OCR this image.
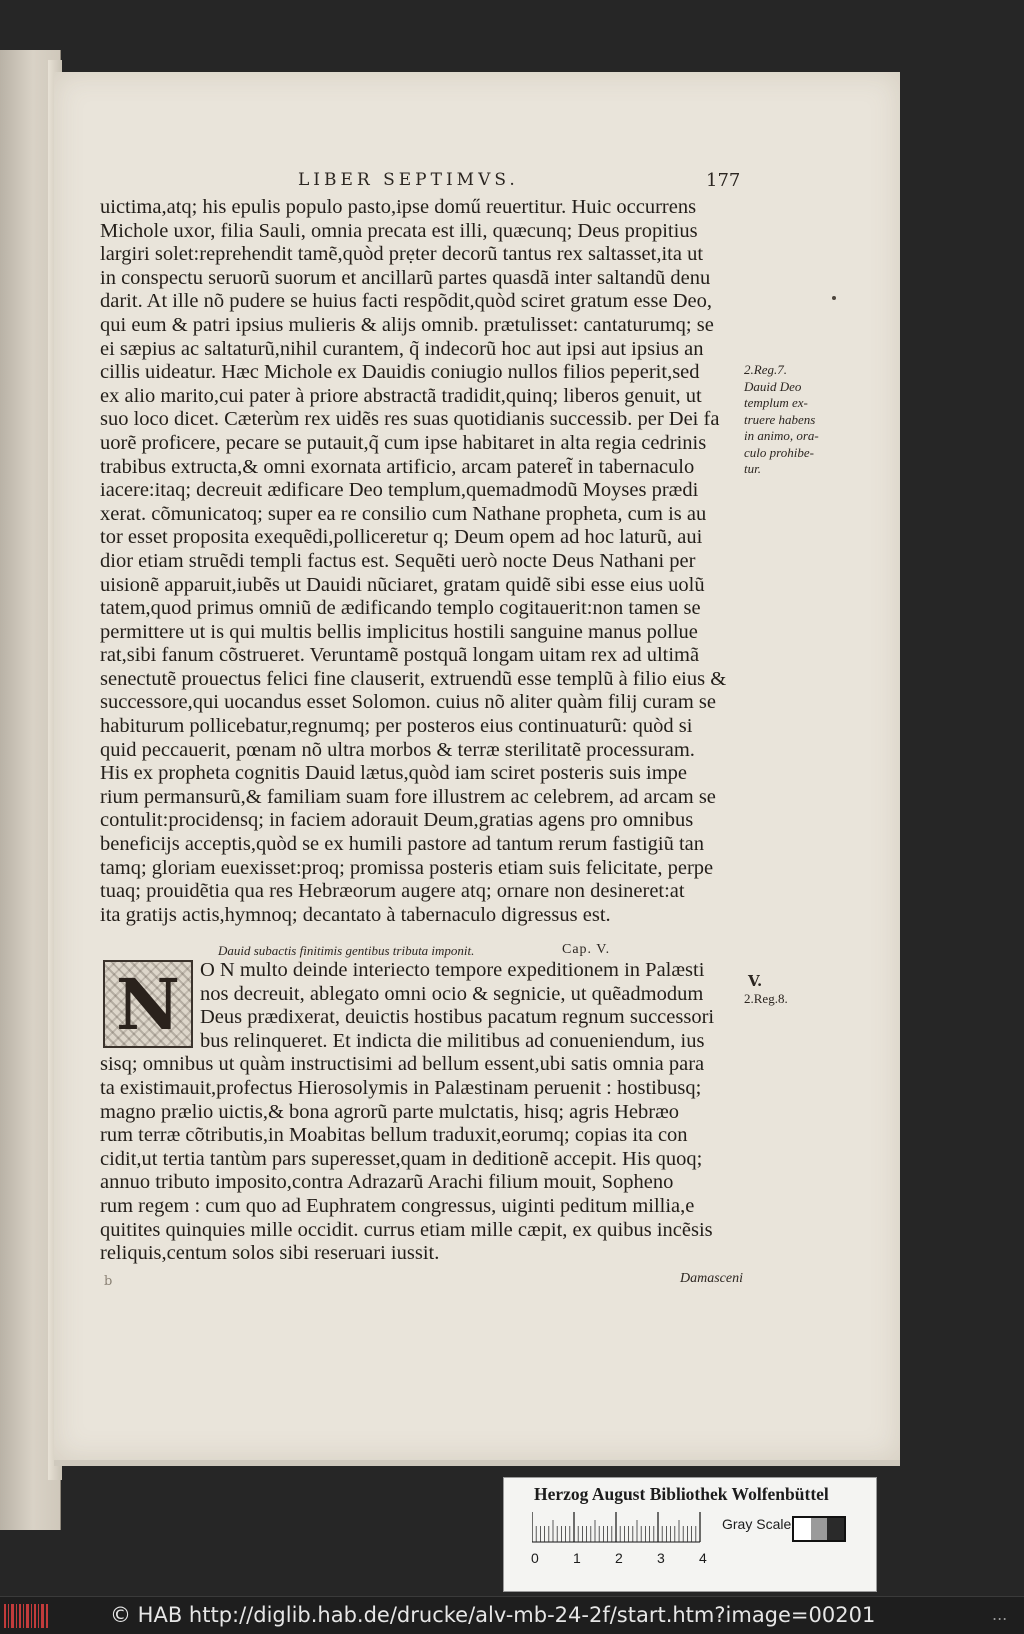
LIBER SEPTIMVS.	177
uictima,atq; his epulis populo pasto,ipse domű reuertitur. Huic occurrens
Michole uxor, filia Sauli, omnia precata est illi, quæcunq; Deus propitius
largiri solet:reprehendit tamẽ,quòd prẹter decorũ tantus rex saltasset,ita ut
in conspectu seruorũ suorum et ancillarũ partes quasdã inter saltandũ denu
darit. At ille nõ pudere se huius facti respõdit,quòd sciret gratum esse Deo,
qui eum & patri ipsius mulieris & alijs omnib. prætulisset: cantaturumq; se
ei sæpius ac saltaturũ,nihil curantem, q̃ indecorũ hoc aut ipsi aut ipsius an
cillis uideatur. Hæc Michole ex Dauidis coniugio nullos filios peperit,sed
ex alio marito,cui pater à priore abstractã tradidit,quinq; liberos genuit, ut
suo loco dicet. Cæterùm rex uidẽs res suas quotidianis successib. per Dei fa
uorẽ proficere, pecare se putauit,q̃ cum ipse habitaret in alta regia cedrinis
trabibus extructa,& omni exornata artificio, arcam pateret̃ in tabernaculo
iacere:itaq; decreuit ædificare Deo templum,quemadmodũ Moyses prædi
xerat. cõmunicatoq; super ea re consilio cum Nathane propheta, cum is au
tor esset proposita exequẽdi,polliceretur q; Deum opem ad hoc laturũ, aui
dior etiam struẽdi templi factus est. Sequẽti uerò nocte Deus Nathani per
uisionẽ apparuit,iubẽs ut Dauidi nũciaret, gratam quidẽ sibi esse eius uolũ
tatem,quod primus omniũ de ædificando templo cogitauerit:non tamen se
permittere ut is qui multis bellis implicitus hostili sanguine manus pollue
rat,sibi fanum cõstrueret. Veruntamẽ postquã longam uitam rex ad ultimã
senectutẽ prouectus felici fine clauserit, extruendũ esse templũ à filio eius &
successore,qui uocandus esset Solomon. cuius nõ aliter quàm filij curam se
habiturum pollicebatur,regnumq; per posteros eius continuaturũ: quòd si
quid peccauerit, pœnam nõ ultra morbos & terræ sterilitatẽ processuram.
His ex propheta cognitis Dauid lætus,quòd iam sciret posteris suis impe
rium permansurũ,& familiam suam fore illustrem ac celebrem, ad arcam se
contulit:procidensq; in faciem adorauit Deum,gratias agens pro omnibus
beneficijs acceptis,quòd se ex humili pastore ad tantum rerum fastigiũ tan
tamq; gloriam euexisset:proq; promissa posteris etiam suis felicitate, perpe
tuaq; prouidẽtia qua res Hebræorum augere atq; ornare non desineret:at
ita gratijs actis,hymnoq; decantato à tabernaculo digressus est.
2.Reg.7.
Dauid Deo
templum ex-
truere habens
in animo, ora-
culo prohibe-
tur.
Dauid subactis finitimis gentibus tributa imponit.	Cap. V.
V.
2.Reg.8.
N O N multo deinde interiecto tempore expeditionem in Palæsti
nos decreuit, ablegato omni ocio & segnicie, ut quẽadmodum
Deus prædixerat, deuictis hostibus pacatum regnum successori
bus relinqueret. Et indicta die militibus ad conueniendum, ius
sisq; omnibus ut quàm instructisimi ad bellum essent,ubi satis omnia para
ta existimauit,profectus Hierosolymis in Palæstinam peruenit : hostibusq;
magno prælio uictis,& bona agrorũ parte mulctatis, hisq; agris Hebræo
rum terræ cõtributis,in Moabitas bellum traduxit,eorumq; copias ita con
cidit,ut tertia tantùm pars superesset,quam in deditionẽ accepit. His quoq;
annuo tributo imposito,contra Adrazarũ Arachi filium mouit, Sopheno
rum regem : cum quo ad Euphratem congressus, uiginti peditum millia,e
quitites quinquies mille occidit. currus etiam mille cæpit, ex quibus incẽsis
reliquis,centum solos sibi reseruari iussit.
Damasceni
b
Herzog August Bibliothek Wolfenbüttel
0 1 2 3 4
Gray Scale
© HAB http://diglib.hab.de/drucke/alv-mb-24-2f/start.htm?image=00201	...
